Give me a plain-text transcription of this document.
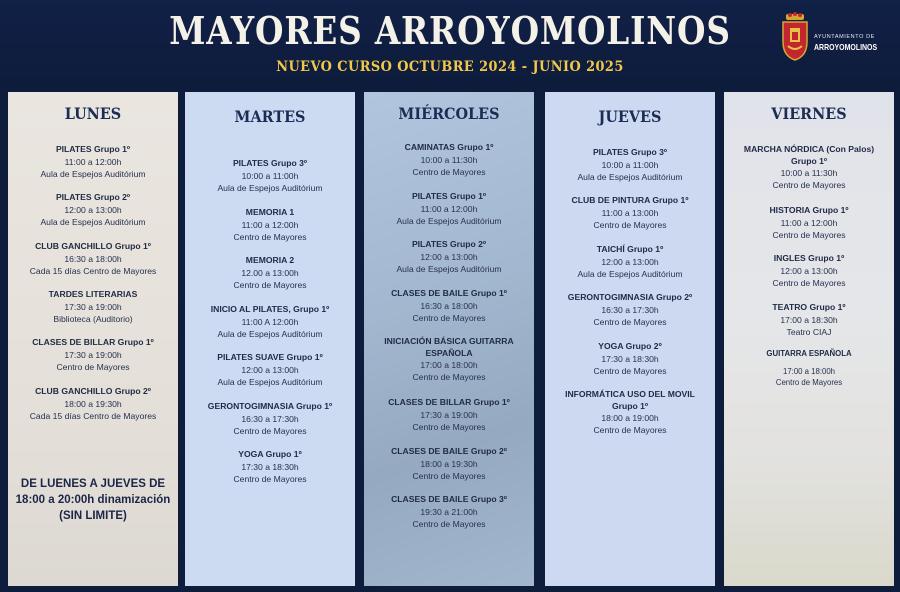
MAYORES ARROYOMOLINOS
NUEVO CURSO OCTUBRE 2024 - JUNIO 2025
AYUNTAMIENTO DE
ARROYOMOLINOS
LUNES
PILATES Grupo 1º
11:00 a 12:00h
Aula de Espejos Auditórium
PILATES Grupo 2º
12:00 a 13:00h
Aula de Espejos Auditórium
CLUB GANCHILLO Grupo 1º
16:30 a 18:00h
Cada 15 días Centro de Mayores
TARDES LITERARIAS
17:30 a 19:00h
Biblioteca (Auditorio)
CLASES DE BILLAR Grupo 1º
17:30 a 19:00h
Centro de Mayores
CLUB GANCHILLO Grupo 2º
18:00 a 19:30h
Cada 15 días Centro de Mayores
DE LUENES A JUEVES DE 18:00 a 20:00h dinamización (SIN LIMITE)
MARTES
PILATES Grupo 3º
10:00 a 11:00h
Aula de Espejos Auditórium
MEMORIA 1
11:00 a 12:00h
Centro de Mayores
MEMORIA 2
12.00 a 13:00h
Centro de Mayores
INICIO AL PILATES, Grupo 1º
11:00 A 12:00h
Aula de Espejos Auditórium
PILATES SUAVE Grupo 1º
12:00 a 13:00h
Aula de Espejos Auditórium
GERONTOGIMNASIA Grupo 1º
16:30 a 17:30h
Centro de Mayores
YOGA Grupo 1º
17:30 a 18:30h
Centro de Mayores
MIÉRCOLES
CAMINATAS Grupo 1º
10:00 a 11:30h
Centro de Mayores
PILATES Grupo 1º
11:00 a 12:00h
Aula de Espejos Auditórium
PILATES Grupo 2º
12:00 a 13:00h
Aula de Espejos Auditórium
CLASES DE BAILE Grupo 1º
16:30 a 18:00h
Centro de Mayores
INICIACIÓN BÁSICA GUITARRA ESPAÑOLA
17:00 a 18:00h
Centro de Mayores
CLASES DE BILLAR Grupo 1º
17:30 a 19:00h
Centro de Mayores
CLASES DE BAILE Grupo 2º
18:00 a 19:30h
Centro de Mayores
CLASES DE BAILE Grupo 3º
19:30 a 21:00h
Centro de Mayores
JUEVES
PILATES Grupo 3º
10:00 a 11:00h
Aula de Espejos Auditórium
CLUB DE PINTURA Grupo 1º
11:00 a 13:00h
Centro de Mayores
TAICHÍ Grupo 1º
12:00 a 13:00h
Aula de Espejos Auditórium
GERONTOGIMNASIA Grupo 2º
16:30 a 17:30h
Centro de Mayores
YOGA Grupo 2º
17:30 a 18:30h
Centro de Mayores
INFORMÁTICA USO DEL MOVIL Grupo 1º
18:00 a 19:00h
Centro de Mayores
VIERNES
MARCHA NÓRDICA (Con Palos) Grupo 1º
10:00 a 11:30h
Centro de Mayores
HISTORIA Grupo 1º
11:00 a 12:00h
Centro de Mayores
INGLES Grupo 1º
12:00 a 13:00h
Centro de Mayores
TEATRO Grupo 1º
17:00 a 18:30h
Teatro CIAJ
GUITARRA ESPAÑOLA
17:00 a 18:00h
Centro de Mayores
